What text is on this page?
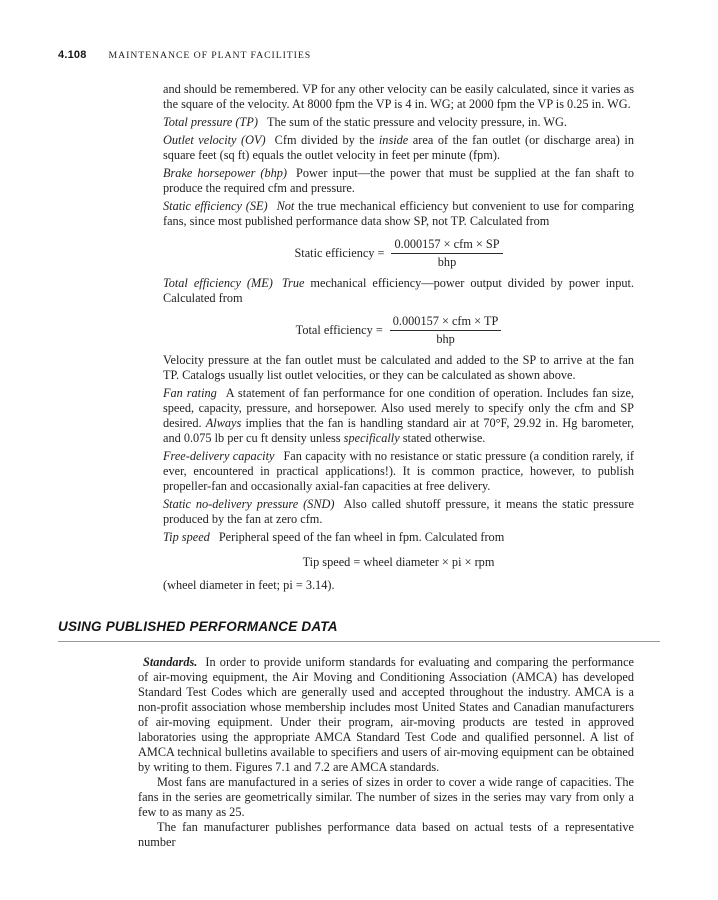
4.108 MAINTENANCE OF PLANT FACILITIES

and should be remembered. VP for any other velocity can be easily calculated, since it varies as the square of the velocity. At 8000 fpm the VP is 4 in. WG; at 2000 fpm the VP is 0.25 in. WG.

Total pressure (TP) The sum of the static pressure and velocity pressure, in. WG.

Outlet velocity (OV) Cfm divided by the inside area of the fan outlet (or discharge area) in square feet (sq ft) equals the outlet velocity in feet per minute (fpm).

Brake horsepower (bhp) Power input—the power that must be supplied at the fan shaft to produce the required cfm and pressure.

Static efficiency (SE) Not the true mechanical efficiency but convenient to use for comparing fans, since most published performance data show SP, not TP. Calculated from

Static efficiency = $\frac{\text{0.000157 × cfm × SP}}{\text{bhp}}$

Total efficiency (ME) True mechanical efficiency—power output divided by power input. Calculated from

Total efficiency = $\frac{\text{0.000157 × cfm × TP}}{\text{bhp}}$

Velocity pressure at the fan outlet must be calculated and added to the SP to arrive at the fan TP. Catalogs usually list outlet velocities, or they can be calculated as shown above.

Fan rating A statement of fan performance for one condition of operation. Includes fan size, speed, capacity, pressure, and horsepower. Also used merely to specify only the cfm and SP desired. Always implies that the fan is handling standard air at 70°F, 29.92 in. Hg barometer, and 0.075 lb per cu ft density unless specifically stated otherwise.

Free-delivery capacity Fan capacity with no resistance or static pressure (a condition rarely, if ever, encountered in practical applications!). It is common practice, however, to publish propeller-fan and occasionally axial-fan capacities at free delivery.

Static no-delivery pressure (SND) Also called shutoff pressure, it means the static pressure produced by the fan at zero cfm.

Tip speed Peripheral speed of the fan wheel in fpm. Calculated from

Tip speed = wheel diameter × pi × rpm

(wheel diameter in feet; pi = 3.14).

USING PUBLISHED PERFORMANCE DATA

Standards. In order to provide uniform standards for evaluating and comparing the performance of air-moving equipment, the Air Moving and Conditioning Association (AMCA) has developed Standard Test Codes which are generally used and accepted throughout the industry. AMCA is a non-profit association whose membership includes most United States and Canadian manufacturers of air-moving equipment. Under their program, air-moving products are tested in approved laboratories using the appropriate AMCA Standard Test Code and qualified personnel. A list of AMCA technical bulletins available to specifiers and users of air-moving equipment can be obtained by writing to them. Figures 7.1 and 7.2 are AMCA standards.

Most fans are manufactured in a series of sizes in order to cover a wide range of capacities. The fans in the series are geometrically similar. The number of sizes in the series may vary from only a few to as many as 25.

The fan manufacturer publishes performance data based on actual tests of a representative number
